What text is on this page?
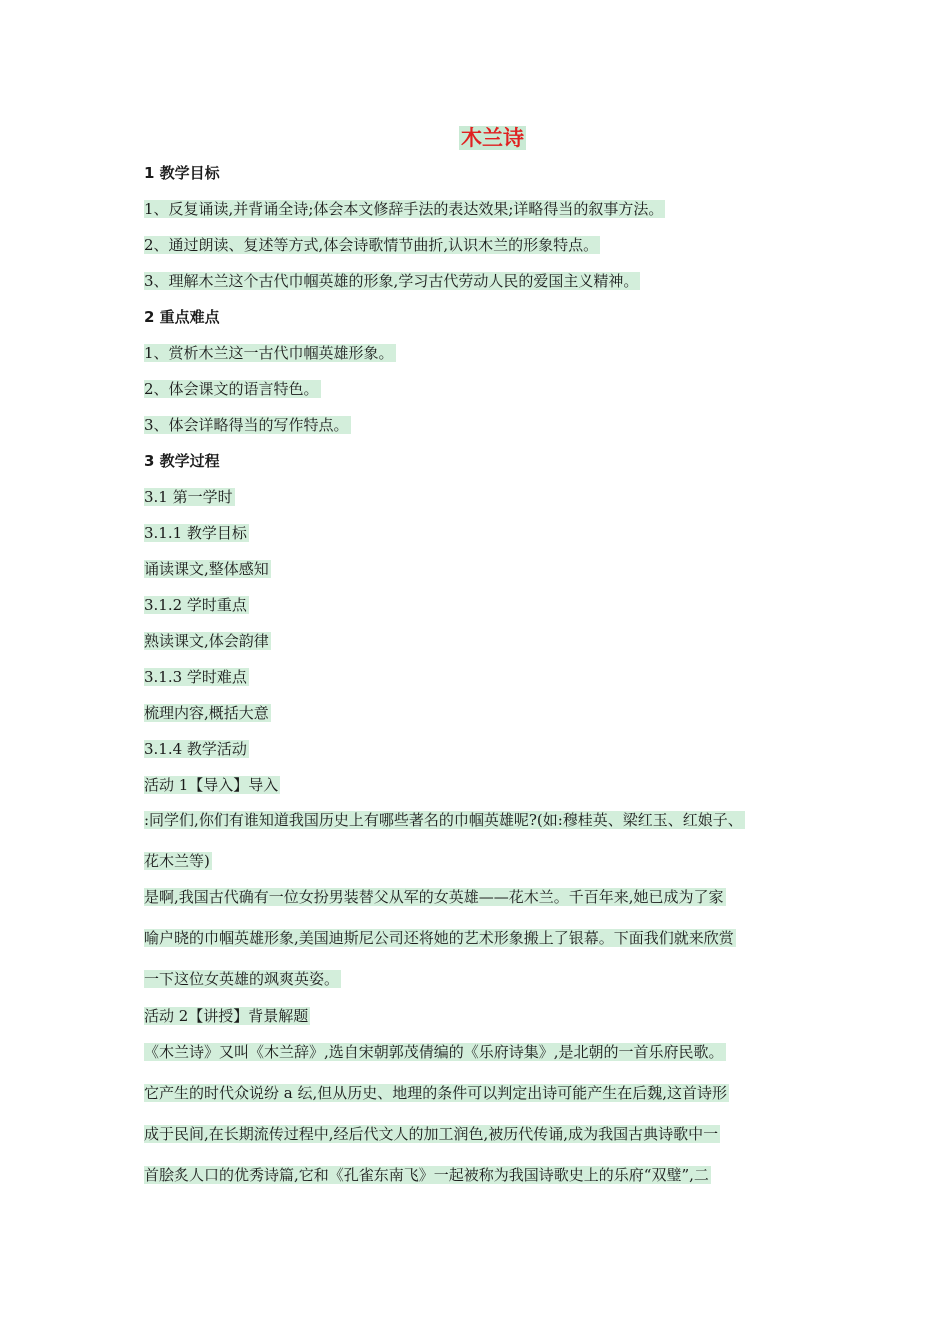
木兰诗
1 教学目标
1、反复诵读,并背诵全诗;体会本文修辞手法的表达效果;详略得当的叙事方法。
2、通过朗读、复述等方式,体会诗歌情节曲折,认识木兰的形象特点。
3、理解木兰这个古代巾帼英雄的形象,学习古代劳动人民的爱国主义精神。
2 重点难点
1、赏析木兰这一古代巾帼英雄形象。
2、体会课文的语言特色。
3、体会详略得当的写作特点。
3 教学过程
3.1 第一学时
3.1.1 教学目标
诵读课文,整体感知
3.1.2 学时重点
熟读课文,体会韵律
3.1.3 学时难点
梳理内容,概括大意
3.1.4 教学活动
活动 1【导入】导入
:同学们,你们有谁知道我国历史上有哪些著名的巾帼英雄呢?(如:穆桂英、梁红玉、红娘子、
花木兰等)
是啊,我国古代确有一位女扮男装替父从军的女英雄——花木兰。千百年来,她已成为了家
喻户晓的巾帼英雄形象,美国迪斯尼公司还将她的艺术形象搬上了银幕。下面我们就来欣赏
一下这位女英雄的飒爽英姿。
活动 2【讲授】背景解题
《木兰诗》又叫《木兰辞》,选自宋朝郭茂倩编的《乐府诗集》,是北朝的一首乐府民歌。
它产生的时代众说纷 a 纭,但从历史、地理的条件可以判定出诗可能产生在后魏,这首诗形
成于民间,在长期流传过程中,经后代文人的加工润色,被历代传诵,成为我国古典诗歌中一
首脍炙人口的优秀诗篇,它和《孔雀东南飞》一起被称为我国诗歌史上的乐府“双璧”,二
